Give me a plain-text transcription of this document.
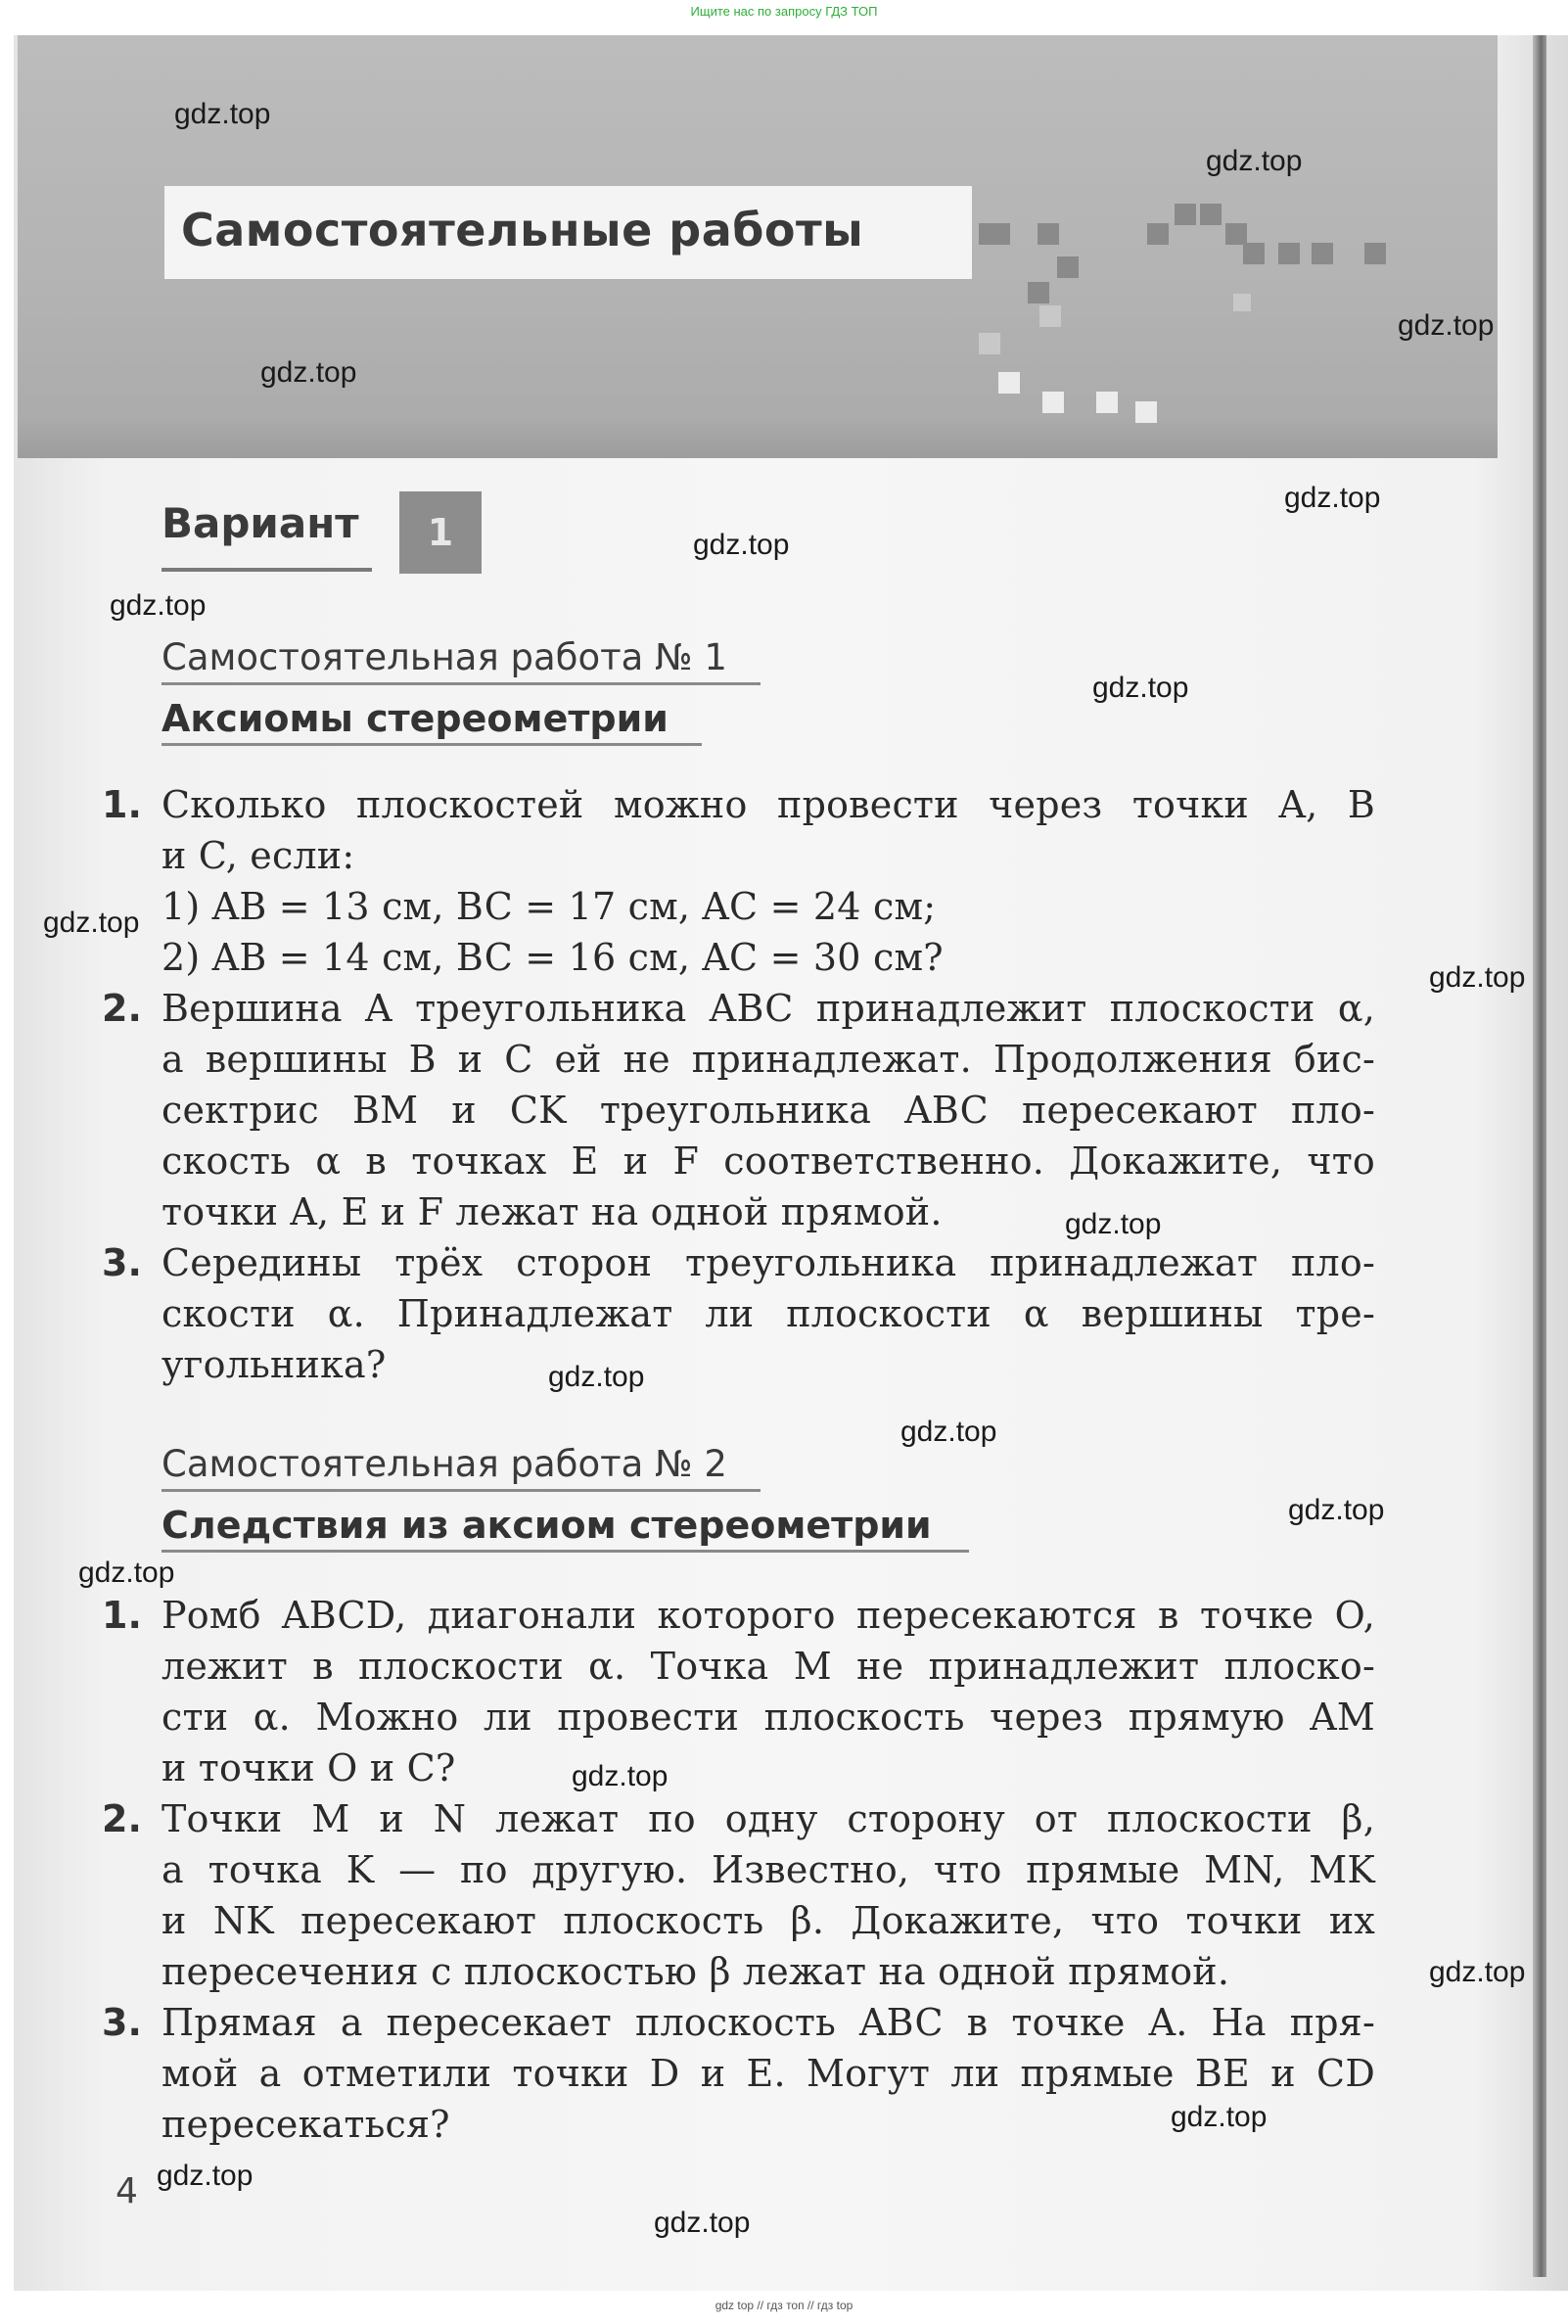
Ищите нас по запросу ГДЗ ТОП
Самостоятельные работы
Вариант	1
Самостоятельная работа № 1
Аксиомы стереометрии
1. Сколько плоскостей можно провести через точки A, B
и C, если:
1) AB = 13 см, BC = 17 см, AC = 24 см;
2) AB = 14 см, BC = 16 см, AC = 30 см?
2. Вершина A треугольника ABC принадлежит плоскости α,
а вершины B и C ей не принадлежат. Продолжения бис-
сектрис BM и CK треугольника ABC пересекают пло-
скость α в точках E и F соответственно. Докажите, что
точки A, E и F лежат на одной прямой.
3. Середины трёх сторон треугольника принадлежат пло-
скости α. Принадлежат ли плоскости α вершины тре-
угольника?
Самостоятельная работа № 2
Следствия из аксиом стереометрии
1. Ромб ABCD, диагонали которого пересекаются в точке O,
лежит в плоскости α. Точка M не принадлежит плоско-
сти α. Можно ли провести плоскость через прямую AM
и точки O и C?
2. Точки M и N лежат по одну сторону от плоскости β,
а точка K — по другую. Известно, что прямые MN, MK
и NK пересекают плоскость β. Докажите, что точки их
пересечения с плоскостью β лежат на одной прямой.
3. Прямая a пересекает плоскость ABC в точке A. На пря-
мой a отметили точки D и E. Могут ли прямые BE и CD
пересекаться?
4
gdz.top
gdz.top
gdz.top
gdz.top
gdz.top
gdz.top
gdz.top
gdz.top
gdz.top
gdz.top
gdz.top
gdz.top
gdz.top
gdz.top
gdz.top
gdz.top
gdz.top
gdz.top
gdz.top
gdz.top
gdz top // гдз топ // гдз top
